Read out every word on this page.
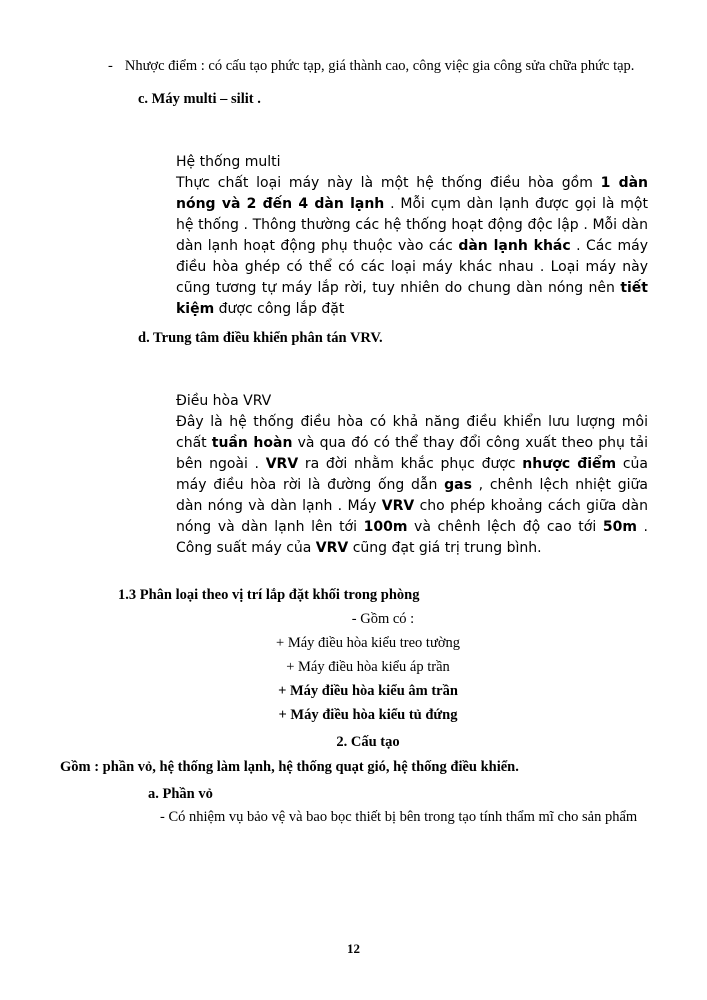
- Nhược điểm : có cấu tạo phức tạp, giá thành cao, công việc gia công sửa chữa phức tạp.
c. Máy multi – silit .
Hệ thống multi
Thực chất loại máy này là một hệ thống điều hòa gồm 1 dàn nóng và 2 đến 4 dàn lạnh . Mỗi cụm dàn lạnh được gọi là một hệ thống . Thông thường các hệ thống hoạt động độc lập . Mỗi dàn dàn lạnh hoạt động phụ thuộc vào các dàn lạnh khác . Các máy điều hòa ghép có thể có các loại máy khác nhau . Loại máy này cũng tương tự máy lắp rời, tuy nhiên do chung dàn nóng nên tiết kiệm được công lắp đặt
d. Trung tâm điều khiển phân tán VRV.
Điều hòa VRV
Đây là hệ thống điều hòa có khả năng điều khiển lưu lượng môi chất tuần hoàn và qua đó có thể thay đổi công xuất theo phụ tải bên ngoài . VRV ra đời nhằm khắc phục được nhược điểm của máy điều hòa rời là đường ống dẫn gas , chênh lệch nhiệt giữa dàn nóng và dàn lạnh . Máy VRV cho phép khoảng cách giữa dàn nóng và dàn lạnh lên tới 100m và chênh lệch độ cao tới 50m . Công suất máy của VRV cũng đạt giá trị trung bình.
1.3 Phân loại theo vị trí lắp đặt khối trong phòng
- Gồm có :
+ Máy điều hòa kiểu treo tường
+ Máy điều hòa kiểu áp trần
+ Máy điều hòa kiểu âm trần
+ Máy điều hòa kiểu tủ đứng
2. Cấu tạo
Gồm : phần vỏ, hệ thống làm lạnh, hệ thống quạt gió, hệ thống điều khiển.
a. Phần vỏ
- Có nhiệm vụ bảo vệ và bao bọc thiết bị bên trong tạo tính thẩm mĩ cho sản phẩm
12
